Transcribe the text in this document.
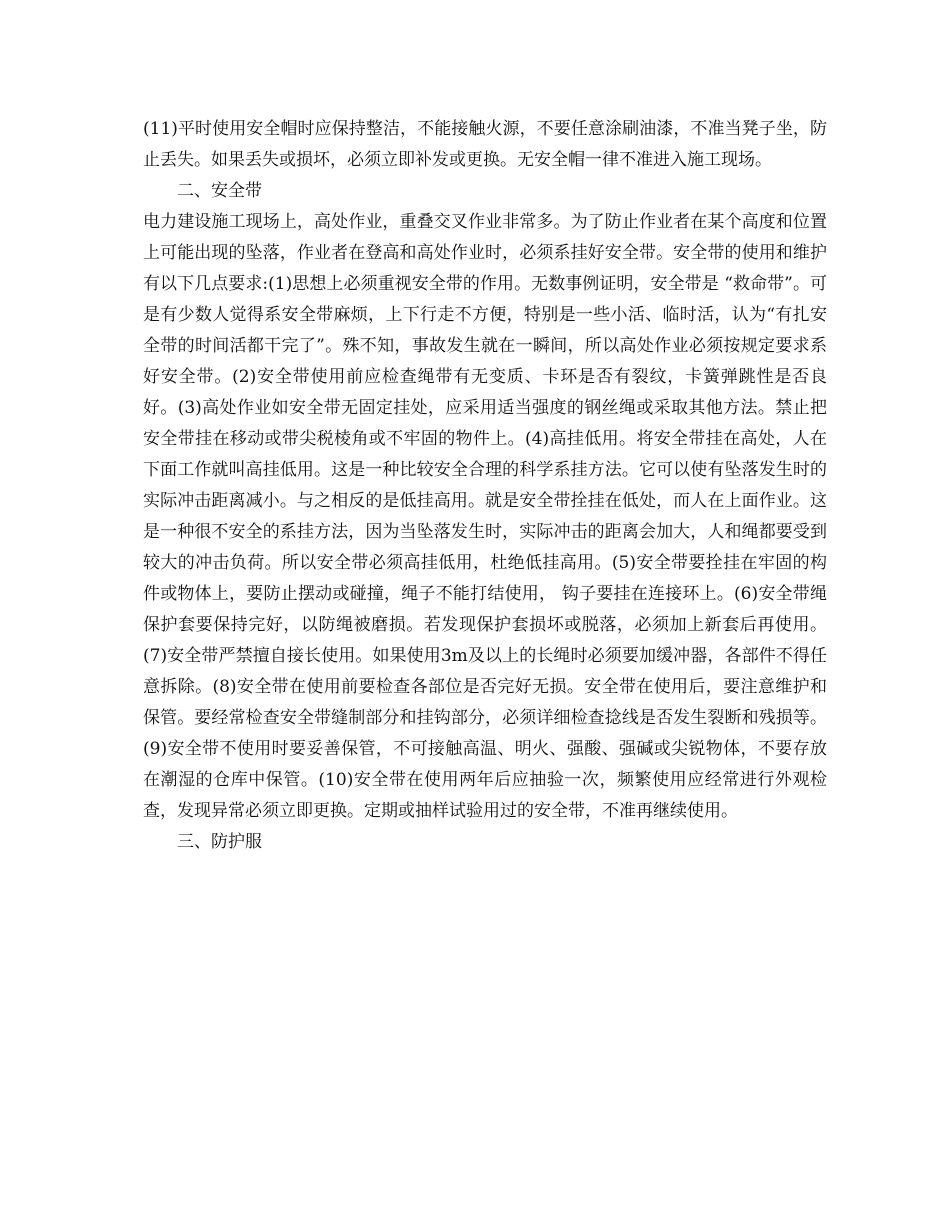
(11)平时使用安全帽时应保持整洁，不能接触火源，不要任意涂刷油漆，不准当凳子坐，防止丢失。如果丢失或损坏，必须立即补发或更换。无安全帽一律不准进入施工现场。

二、安全带

电力建设施工现场上，高处作业，重叠交叉作业非常多。为了防止作业者在某个高度和位置上可能出现的坠落，作业者在登高和高处作业时，必须系挂好安全带。安全带的使用和维护有以下几点要求:(1)思想上必须重视安全带的作用。无数事例证明，安全带是 “救命带”。可是有少数人觉得系安全带麻烦，上下行走不方便，特别是一些小活、临时活，认为“有扎安全带的时间活都干完了”。殊不知，事故发生就在一瞬间，所以高处作业必须按规定要求系好安全带。(2)安全带使用前应检查绳带有无变质、卡环是否有裂纹，卡簧弹跳性是否良好。(3)高处作业如安全带无固定挂处，应采用适当强度的钢丝绳或采取其他方法。禁止把安全带挂在移动或带尖税棱角或不牢固的物件上。(4)高挂低用。将安全带挂在高处，人在下面工作就叫高挂低用。这是一种比较安全合理的科学系挂方法。它可以使有坠落发生时的实际冲击距离减小。与之相反的是低挂高用。就是安全带拴挂在低处，而人在上面作业。这是一种很不安全的系挂方法，因为当坠落发生时，实际冲击的距离会加大，人和绳都要受到较大的冲击负荷。所以安全带必须高挂低用，杜绝低挂高用。(5)安全带要拴挂在牢固的构件或物体上，要防止摆动或碰撞，绳子不能打结使用， 钩子要挂在连接环上。(6)安全带绳保护套要保持完好，以防绳被磨损。若发现保护套损坏或脱落，必须加上新套后再使用。(7)安全带严禁擅自接长使用。如果使用3m及以上的长绳时必须要加缓冲器，各部件不得任意拆除。(8)安全带在使用前要检查各部位是否完好无损。安全带在使用后，要注意维护和保管。要经常检查安全带缝制部分和挂钩部分，必须详细检查捻线是否发生裂断和残损等。(9)安全带不使用时要妥善保管，不可接触高温、明火、强酸、强碱或尖锐物体，不要存放在潮湿的仓库中保管。(10)安全带在使用两年后应抽验一次，频繁使用应经常进行外观检查，发现异常必须立即更换。定期或抽样试验用过的安全带，不准再继续使用。

三、防护服
